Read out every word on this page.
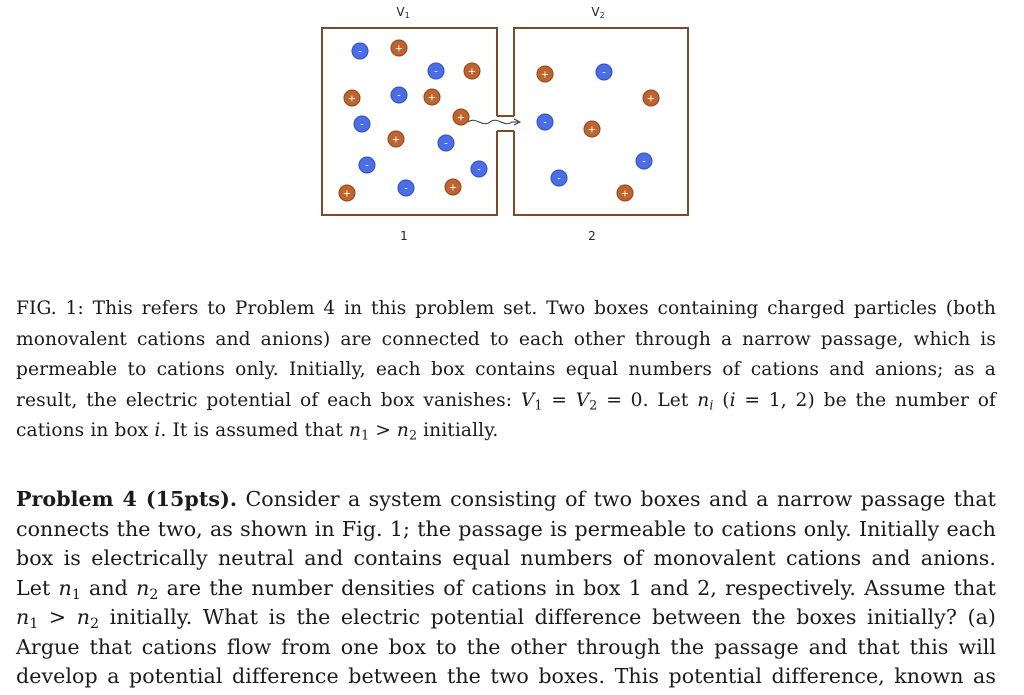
V1	V2
1	2
-	+
-	+
+	-	+
+
-
+	-
-	-
+	-	+
+	-
+
-
+
-
-
+
FIG. 1: This refers to Problem 4 in this problem set. Two boxes containing charged particles (both
monovalent cations and anions) are connected to each other through a narrow passage, which is
permeable to cations only. Initially, each box contains equal numbers of cations and anions; as a
result, the electric potential of each box vanishes: $V_1 = V_2 = 0$. Let $n_i$ (i = 1, 2) be the number of
cations in box i. It is assumed that $n_1 > n_2$ initially.
Problem 4 (15pts). Consider a system consisting of two boxes and a narrow passage that
connects the two, as shown in Fig. 1; the passage is permeable to cations only. Initially each
box is electrically neutral and contains equal numbers of monovalent cations and anions.
Let $n_1$ and $n_2$ are the number densities of cations in box 1 and 2, respectively. Assume that
$n_1 > n_2$ initially. What is the electric potential difference between the boxes initially? (a)
Argue that cations flow from one box to the other through the passage and that this will
develop a potential difference between the two boxes. This potential difference, known as
